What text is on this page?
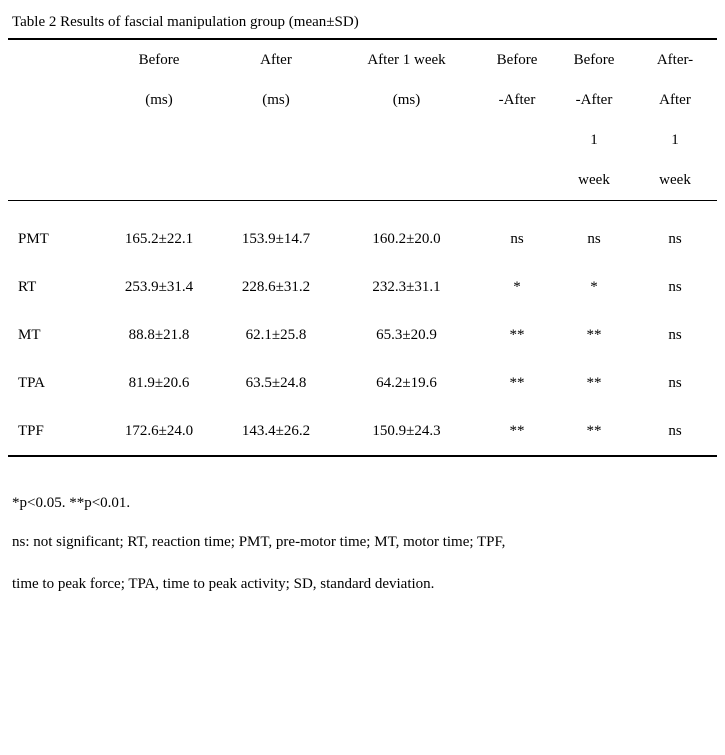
Table 2 Results of fascial manipulation group (mean±SD)
	Before	After	After 1 week	Before	Before	After-
	(ms)	(ms)	(ms)	-After	-After	After
					1	1
					week	week

PMT	165.2±22.1	153.9±14.7	160.2±20.0	ns	ns	ns
RT	253.9±31.4	228.6±31.2	232.3±31.1	*	*	ns
MT	88.8±21.8	62.1±25.8	65.3±20.9	**	**	ns
TPA	81.9±20.6	63.5±24.8	64.2±19.6	**	**	ns
TPF	172.6±24.0	143.4±26.2	150.9±24.3	**	**	ns

*p<0.05. **p<0.01.
ns: not significant; RT, reaction time; PMT, pre-motor time; MT, motor time; TPF,
time to peak force; TPA, time to peak activity; SD, standard deviation.
